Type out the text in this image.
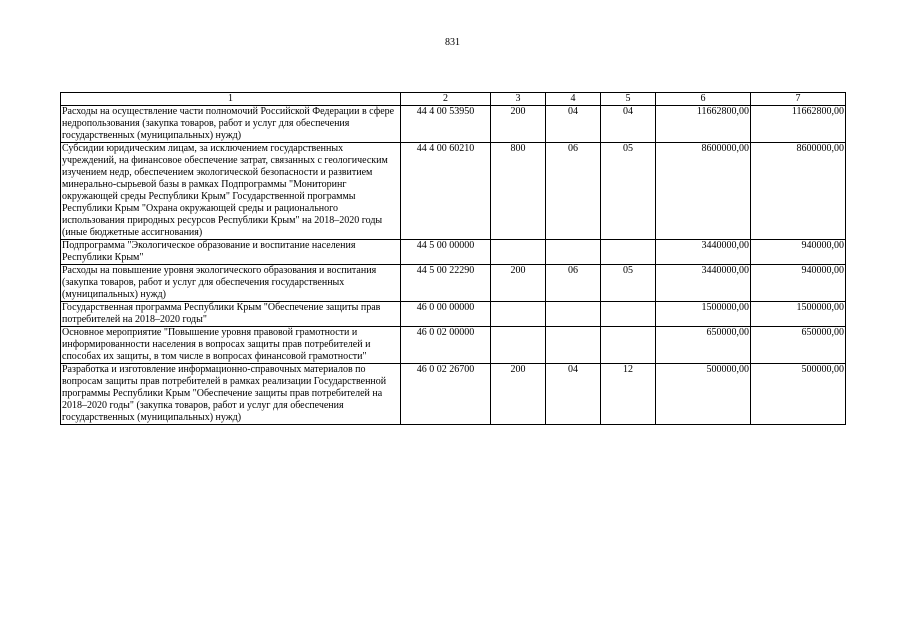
831
1	2	3	4	5	6	7
Расходы на осуществление части полномочий Российской Федерации в сфере недропользования (закупка товаров, работ и услуг для обеспечения государственных (муниципальных) нужд)	44 4 00 53950	200	04	04	11662800,00	11662800,00
Субсидии юридическим лицам, за исключением государственных учреждений, на финансовое обеспечение затрат, связанных с геологическим изучением недр, обеспечением экологической безопасности и развитием минерально-сырьевой базы в рамках Подпрограммы "Мониторинг окружающей среды Республики Крым" Государственной программы Республики Крым "Охрана окружающей среды и рационального использования природных ресурсов Республики Крым" на 2018–2020 годы (иные бюджетные ассигнования)	44 4 00 60210	800	06	05	8600000,00	8600000,00
Подпрограмма "Экологическое образование и воспитание населения Республики Крым"	44 5 00 00000				3440000,00	940000,00
Расходы на повышение уровня экологического образования и воспитания (закупка товаров, работ и услуг для обеспечения государственных (муниципальных) нужд)	44 5 00 22290	200	06	05	3440000,00	940000,00
Государственная программа Республики Крым "Обеспечение защиты прав потребителей на 2018–2020 годы"	46 0 00 00000				1500000,00	1500000,00
Основное мероприятие "Повышение уровня правовой грамотности и информированности населения в вопросах защиты прав потребителей и способах их защиты, в том числе в вопросах финансовой грамотности"	46 0 02 00000				650000,00	650000,00
Разработка и изготовление информационно-справочных материалов по вопросам защиты прав потребителей в рамках реализации Государственной программы Республики Крым "Обеспечение защиты прав потребителей на 2018–2020 годы" (закупка товаров, работ и услуг для обеспечения государственных (муниципальных) нужд)	46 0 02 26700	200	04	12	500000,00	500000,00
